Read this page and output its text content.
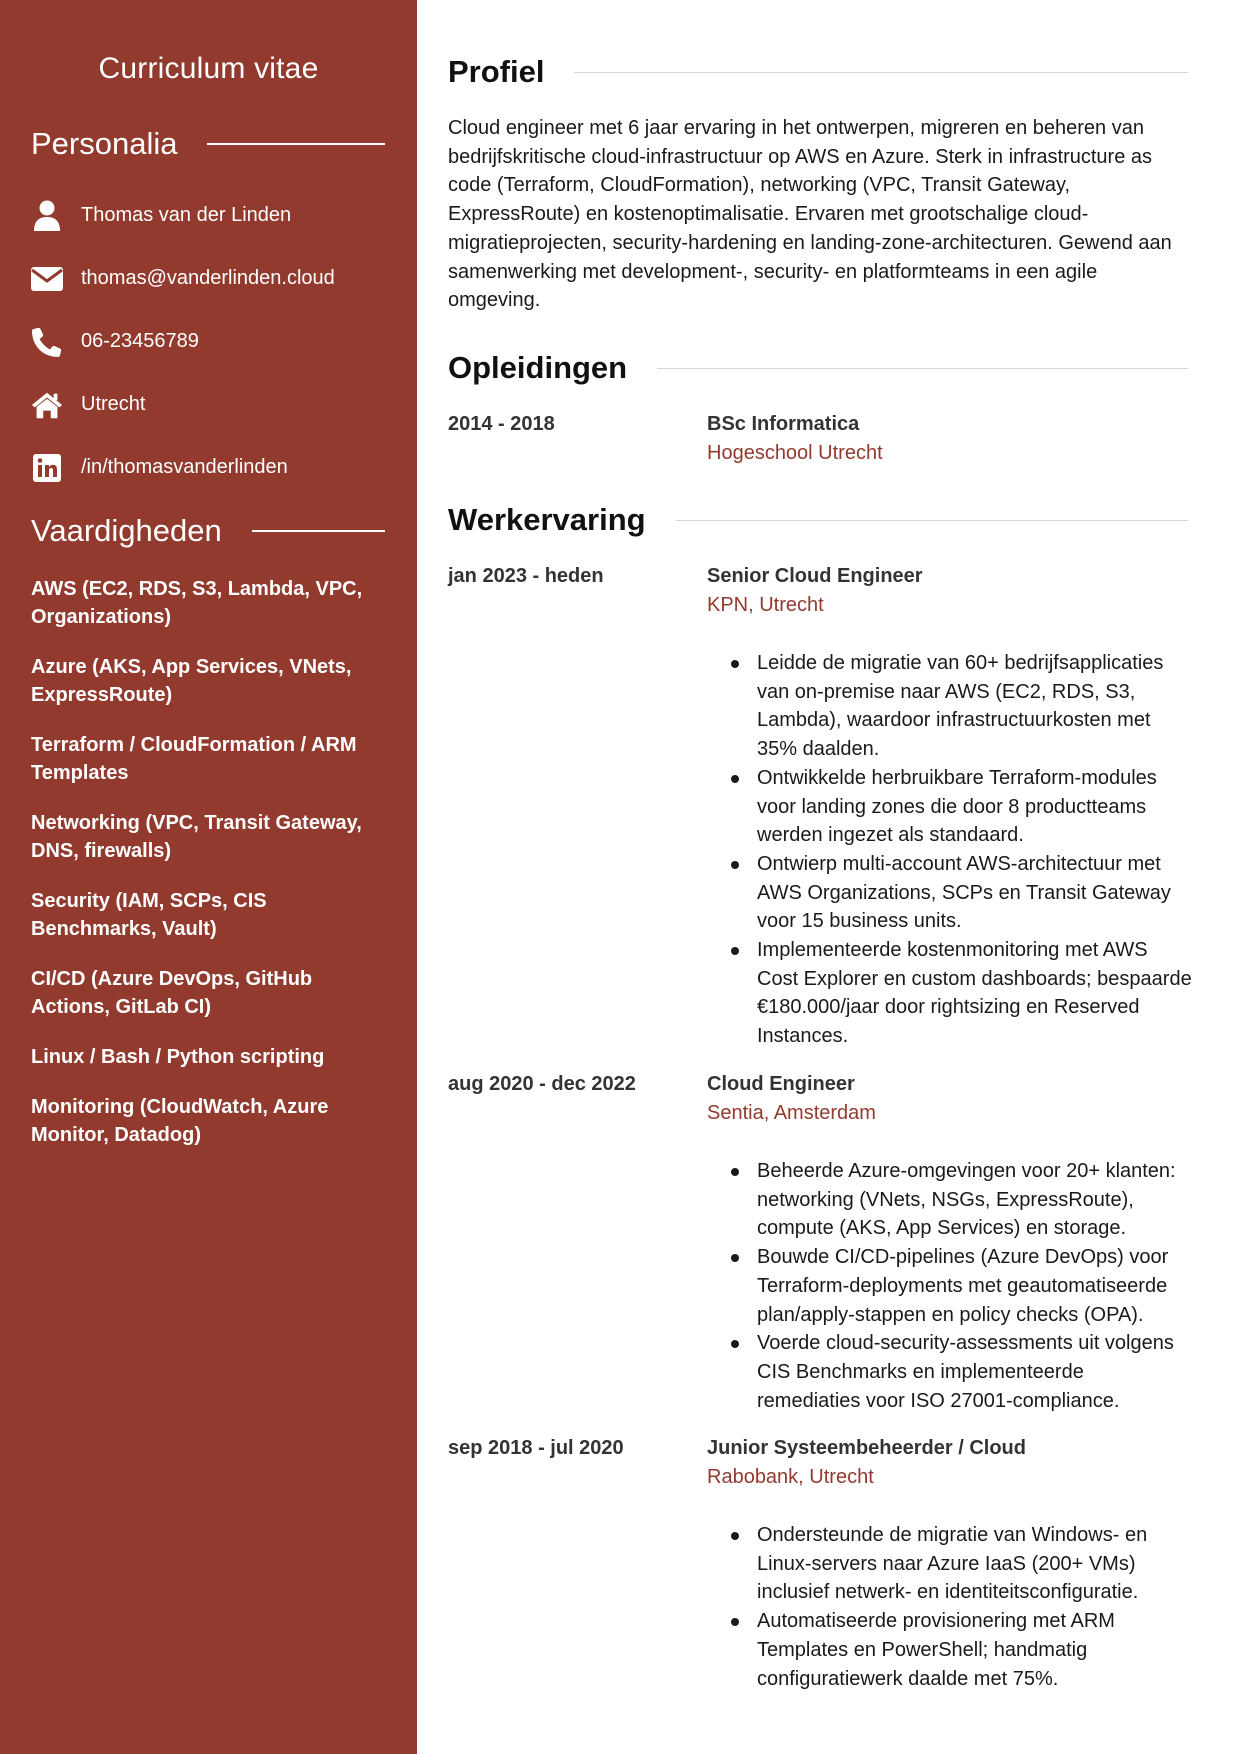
Curriculum vitae
Personalia
Thomas van der Linden
thomas@vanderlinden.cloud
06-23456789
Utrecht
/in/thomasvanderlinden
Vaardigheden
AWS (EC2, RDS, S3, Lambda, VPC, Organizations)
Azure (AKS, App Services, VNets, ExpressRoute)
Terraform / CloudFormation / ARM Templates
Networking (VPC, Transit Gateway, DNS, firewalls)
Security (IAM, SCPs, CIS Benchmarks, Vault)
CI/CD (Azure DevOps, GitHub Actions, GitLab CI)
Linux / Bash / Python scripting
Monitoring (CloudWatch, Azure Monitor, Datadog)
Profiel

Cloud engineer met 6 jaar ervaring in het ontwerpen, migreren en beheren van bedrijfskritische cloud-infrastructuur op AWS en Azure. Sterk in infrastructure as code (Terraform, CloudFormation), networking (VPC, Transit Gateway, ExpressRoute) en kostenoptimalisatie. Ervaren met grootschalige cloud-migratieprojecten, security-hardening en landing-zone-architecturen. Gewend aan samenwerking met development-, security- en platformteams in een agile omgeving.

Opleidingen
2014 - 2018	BSc Informatica
Hogeschool Utrecht
Werkervaring
jan 2023 - heden	Senior Cloud Engineer
KPN, Utrecht
Leidde de migratie van 60+ bedrijfsapplicaties van on-premise naar AWS (EC2, RDS, S3, Lambda), waardoor infrastructuurkosten met 35% daalden.
Ontwikkelde herbruikbare Terraform-modules voor landing zones die door 8 productteams werden ingezet als standaard.
Ontwierp multi-account AWS-architectuur met AWS Organizations, SCPs en Transit Gateway voor 15 business units.
Implementeerde kostenmonitoring met AWS Cost Explorer en custom dashboards; bespaarde €180.000/jaar door rightsizing en Reserved Instances.
aug 2020 - dec 2022	Cloud Engineer
Sentia, Amsterdam
Beheerde Azure-omgevingen voor 20+ klanten: networking (VNets, NSGs, ExpressRoute), compute (AKS, App Services) en storage.
Bouwde CI/CD-pipelines (Azure DevOps) voor Terraform-deployments met geautomatiseerde plan/apply-stappen en policy checks (OPA).
Voerde cloud-security-assessments uit volgens CIS Benchmarks en implementeerde remediaties voor ISO 27001-compliance.
sep 2018 - jul 2020	Junior Systeembeheerder / Cloud
Rabobank, Utrecht
Ondersteunde de migratie van Windows- en Linux-servers naar Azure IaaS (200+ VMs) inclusief netwerk- en identiteitsconfiguratie.
Automatiseerde provisionering met ARM Templates en PowerShell; handmatig configuratiewerk daalde met 75%.
